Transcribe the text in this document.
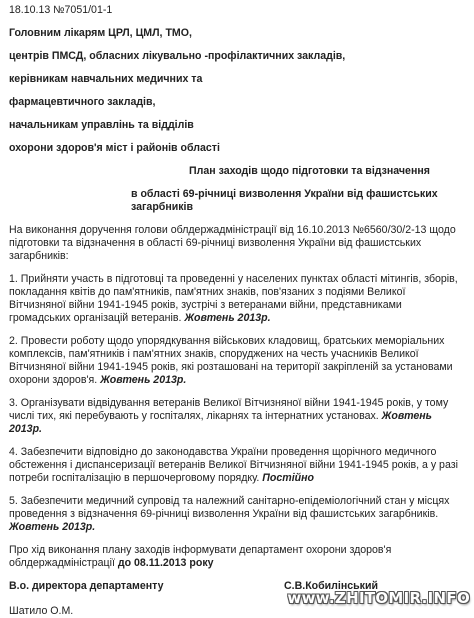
18.10.13 №7051/01-1
Головним лікарям ЦРЛ, ЦМЛ, ТМО,
центрів ПМСД, обласних лікувально -профілактичних закладів,
керівникам навчальних медичних та
фармацевтичного закладів,
начальникам управлінь та відділів
охорони здоров'я міст і районів області
План заходів щодо підготовки та відзначення
в області 69-річниці визволення України від фашистських загарбників

На виконання доручення голови облдержадміністрації від 16.10.2013 №6560/30/2-13 щодо підготовки та відзначення в області 69-річниці визволення України від фашистських загарбників:

1. Прийняти участь в підготовці та проведенні у населених пунктах області мітингів, зборів, покладання квітів до пам'ятників, пам'ятних знаків, пов'язаних з подіями Великої Вітчизняної війни 1941-1945 років, зустрічі з ветеранами війни, представниками громадських організацій ветеранів. Жовтень 2013р.

2. Провести роботу щодо упорядкування військових кладовищ, братських меморіальних комплексів, пам'ятників і пам'ятних знаків, споруджених на честь учасників Великої Вітчизняної війни 1941-1945 років, які розташовані на території закріпленій за установами охорони здоров'я. Жовтень 2013р.

3. Організувати відвідування ветеранів Великої Вітчизняної війни 1941-1945 років, у тому числі тих, які перебувають у госпіталях, лікарнях та інтернатних установах. Жовтень 2013р.

4. Забезпечити відповідно до законодавства України проведення щорічного медичного обстеження і диспансеризації ветеранів Великої Вітчизняної війни 1941-1945 років, а у разі потреби госпіталізацію в першочерговому порядку. Постійно

5. Забезпечити медичний супровід та належний санітарно-епідеміологічний стан у місцях проведення з відзначення 69-річниці визволення України від фашистських загарбників. Жовтень 2013р.

Про хід виконання плану заходів інформувати департамент охорони здоров'я облдержадміністрації до 08.11.2013 року

В.о. директора департаменту	С.В.Кобилінський
Шатило О.М.
www.ZHITOMIR.INFO
